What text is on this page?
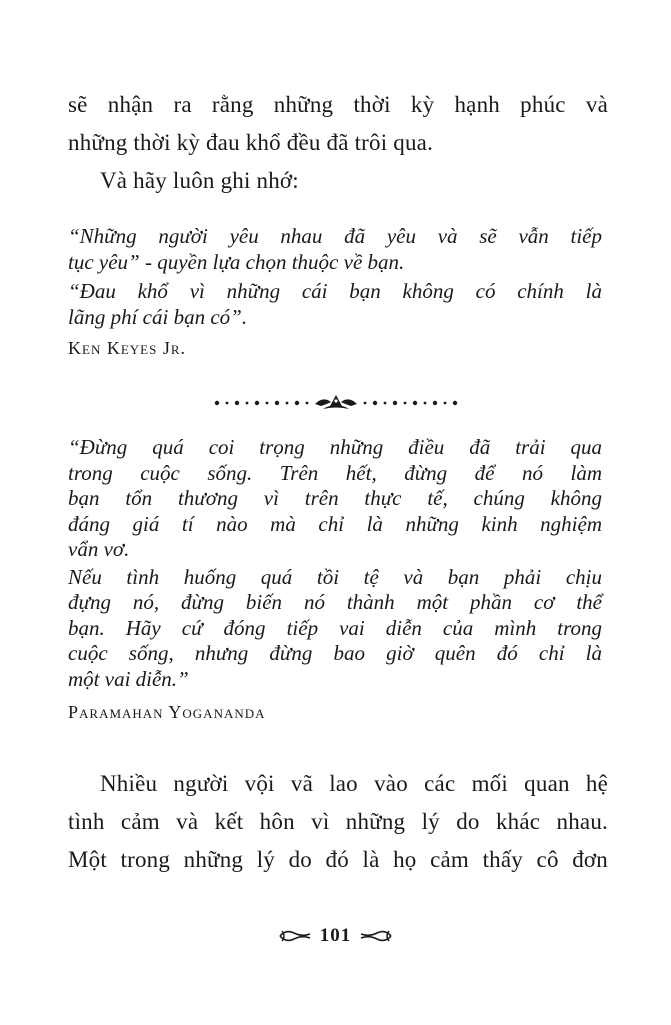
sẽ nhận ra rằng những thời kỳ hạnh phúc và

những thời kỳ đau khổ đều đã trôi qua.

Và hãy luôn ghi nhớ:

“Những người yêu nhau đã yêu và sẽ vẫn tiếp

tục yêu” - quyền lựa chọn thuộc về bạn.

“Đau khổ vì những cái bạn không có chính là

lãng phí cái bạn có”.

Ken Keyes Jr.

“Đừng quá coi trọng những điều đã trải qua

trong cuộc sống. Trên hết, đừng để nó làm

bạn tổn thương vì trên thực tế, chúng không

đáng giá tí nào mà chỉ là những kinh nghiệm

vẩn vơ.

Nếu tình huống quá tồi tệ và bạn phải chịu

đựng nó, đừng biến nó thành một phần cơ thể

bạn. Hãy cứ đóng tiếp vai diễn của mình trong

cuộc sống, nhưng đừng bao giờ quên đó chỉ là

một vai diễn.”

Paramahan Yogananda

Nhiều người vội vã lao vào các mối quan hệ

tình cảm và kết hôn vì những lý do khác nhau.

Một trong những lý do đó là họ cảm thấy cô đơn

101
